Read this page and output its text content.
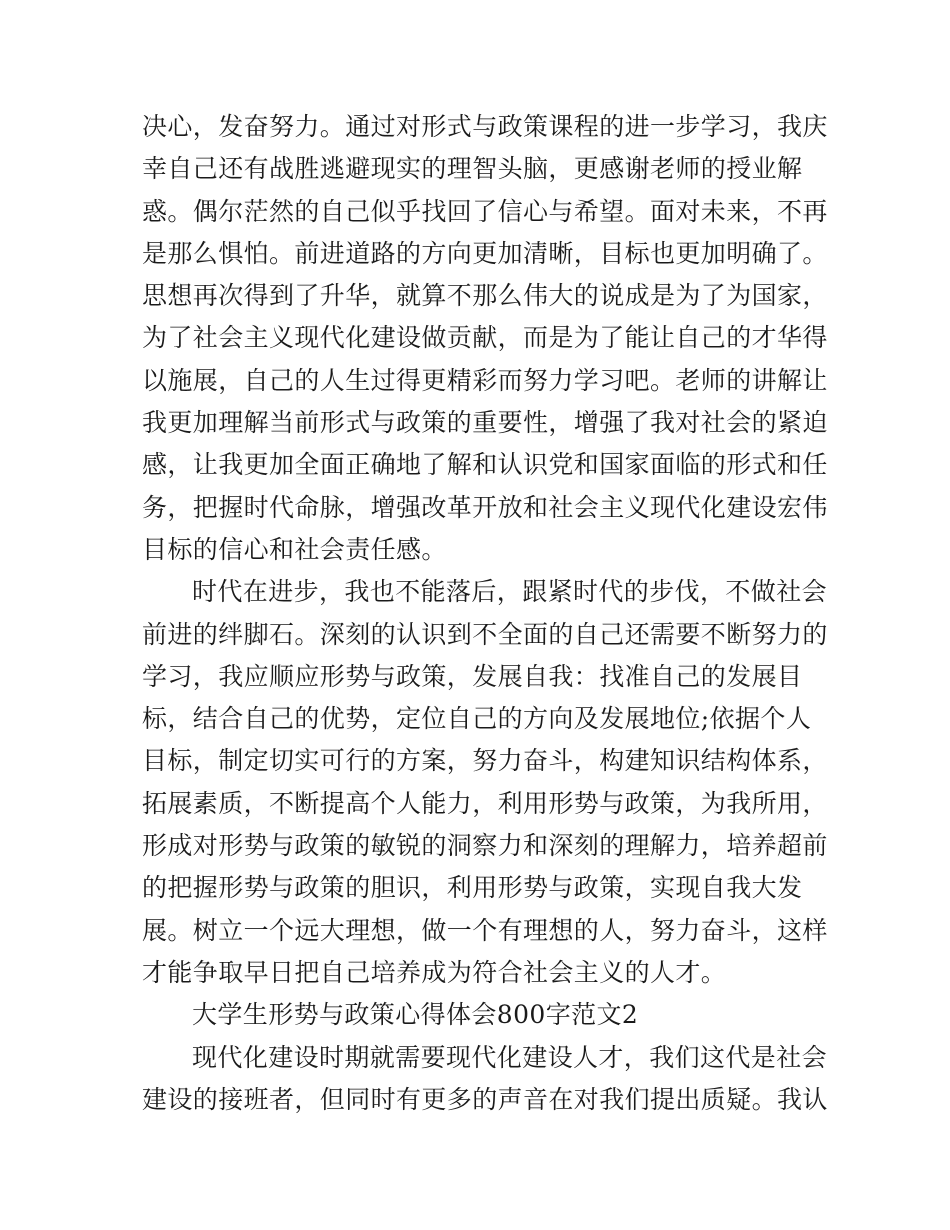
决心，发奋努力。通过对形式与政策课程的进一步学习，我庆
幸自己还有战胜逃避现实的理智头脑，更感谢老师的授业解
惑。偶尔茫然的自己似乎找回了信心与希望。面对未来，不再
是那么惧怕。前进道路的方向更加清晰，目标也更加明确了。
思想再次得到了升华，就算不那么伟大的说成是为了为国家，
为了社会主义现代化建设做贡献，而是为了能让自己的才华得
以施展，自己的人生过得更精彩而努力学习吧。老师的讲解让
我更加理解当前形式与政策的重要性，增强了我对社会的紧迫
感，让我更加全面正确地了解和认识党和国家面临的形式和任
务，把握时代命脉，增强改革开放和社会主义现代化建设宏伟
目标的信心和社会责任感。
时代在进步，我也不能落后，跟紧时代的步伐，不做社会
前进的绊脚石。深刻的认识到不全面的自己还需要不断努力的
学习，我应顺应形势与政策，发展自我：找准自己的发展目
标，结合自己的优势，定位自己的方向及发展地位;依据个人
目标，制定切实可行的方案，努力奋斗，构建知识结构体系，
拓展素质，不断提高个人能力，利用形势与政策，为我所用，
形成对形势与政策的敏锐的洞察力和深刻的理解力，培养超前
的把握形势与政策的胆识，利用形势与政策，实现自我大发
展。树立一个远大理想，做一个有理想的人，努力奋斗，这样
才能争取早日把自己培养成为符合社会主义的人才。
大学生形势与政策心得体会800字范文2
现代化建设时期就需要现代化建设人才，我们这代是社会
建设的接班者，但同时有更多的声音在对我们提出质疑。我认
